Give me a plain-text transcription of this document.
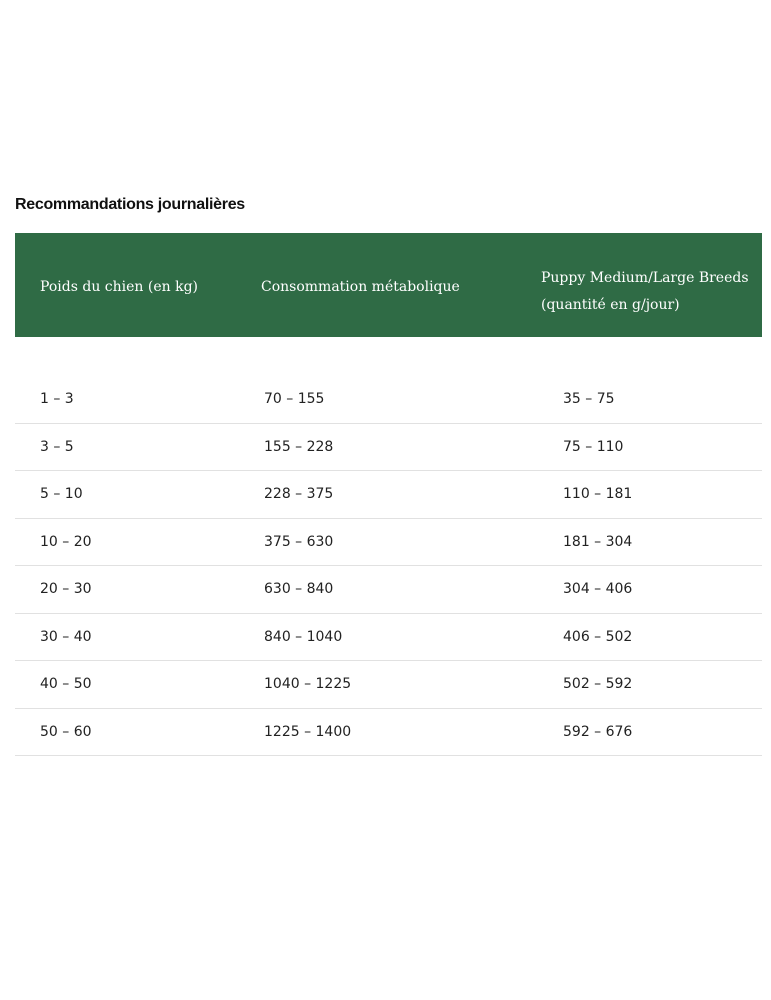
Recommandations journalières
Poids du chien (en kg)	Consommation métabolique
Puppy Medium/Large Breeds
(quantité en g/jour)
1 – 3	70 – 155	35 – 75
3 – 5	155 – 228	75 – 110
5 – 10	228 – 375	110 – 181
10 – 20	375 – 630	181 – 304
20 – 30	630 – 840	304 – 406
30 – 40	840 – 1040	406 – 502
40 – 50	1040 – 1225	502 – 592
50 – 60	1225 – 1400	592 – 676
